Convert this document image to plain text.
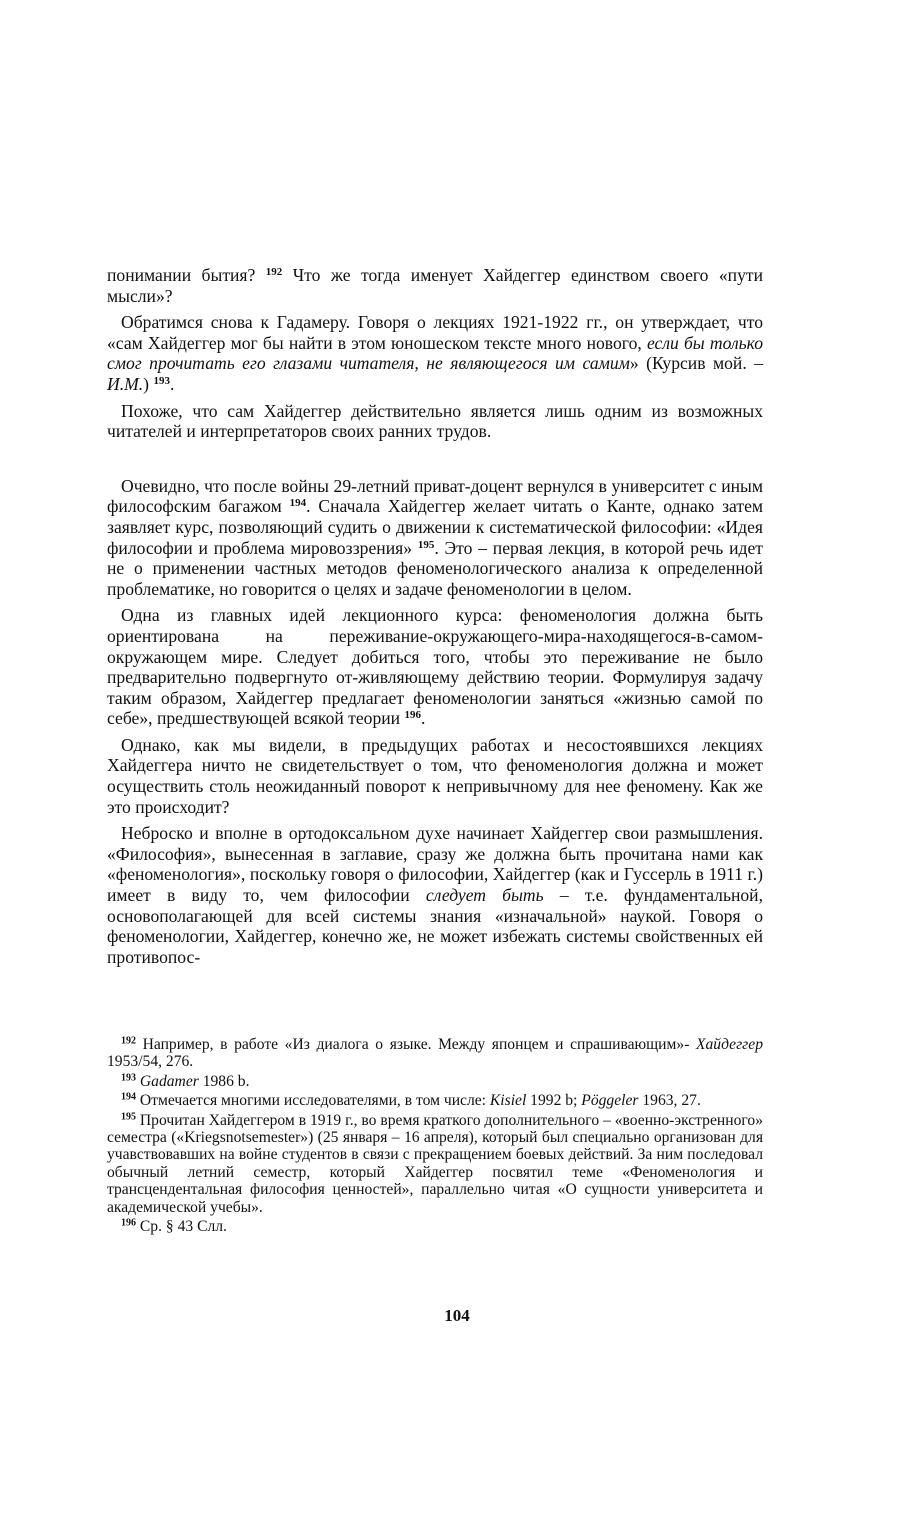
понимании бытия? $^{192}$ Что же тогда именует Хайдеггер единством своего «пути мысли»?

Обратимся снова к Гадамеру. Говоря о лекциях 1921-1922 гг., он утверждает, что «сам Хайдеггер мог бы найти в этом юношеском тексте много нового, если бы только смог прочитать его глазами читателя, не являющегося им самим» (Курсив мой. – И.М.) $^{193}$.

Похоже, что сам Хайдеггер действительно является лишь одним из возможных читателей и интерпретаторов своих ранних трудов.

Очевидно, что после войны 29-летний приват-доцент вернулся в университет с иным философским багажом $^{194}$. Сначала Хайдеггер желает читать о Канте, однако затем заявляет курс, позволяющий судить о движении к систематической философии: «Идея философии и проблема мировоззрения» $^{195}$. Это – первая лекция, в которой речь идет не о применении частных методов феноменологического анализа к определенной проблематике, но говорится о целях и задаче феноменологии в целом.

Одна из главных идей лекционного курса: феноменология должна быть ориентирована на переживание-окружающего-мира-находящегося-в-самом-окружающем мире. Следует добиться того, чтобы это переживание не было предварительно подвергнуто от-живляющему действию теории. Формулируя задачу таким образом, Хайдеггер предлагает феноменологии заняться «жизнью самой по себе», предшествующей всякой теории $^{196}$.

Однако, как мы видели, в предыдущих работах и несостоявшихся лекциях Хайдеггера ничто не свидетельствует о том, что феноменология должна и может осуществить столь неожиданный поворот к непривычному для нее феномену. Как же это происходит?

Неброско и вполне в ортодоксальном духе начинает Хайдеггер свои размышления. «Философия», вынесенная в заглавие, сразу же должна быть прочитана нами как «феноменология», поскольку говоря о философии, Хайдеггер (как и Гуссерль в 1911 г.) имеет в виду то, чем философии следует быть – т.е. фундаментальной, основополагающей для всей системы знания «изначальной» наукой. Говоря о феноменологии, Хайдеггер, конечно же, не может избежать системы свойственных ей противопос-

$^{192}$ Например, в работе «Из диалога о языке. Между японцем и спрашивающим»- Хайдеггер 1953/54, 276.

$^{193}$ Gadamer 1986 b.

$^{194}$ Отмечается многими исследователями, в том числе: Kisiel 1992 b; Pöggeler 1963, 27.

$^{195}$ Прочитан Хайдеггером в 1919 г., во время краткого дополнительного – «военно-экстренного» семестра («Kriegsnotsemester») (25 января – 16 апреля), который был специально организован для учавствовавших на войне студентов в связи с прекращением боевых действий. За ним последовал обычный летний семестр, который Хайдеггер посвятил теме «Феноменология и трансцендентальная философия ценностей», параллельно читая «О сущности университета и академической учебы».

$^{196}$ Ср. § 43 Слл.

104
